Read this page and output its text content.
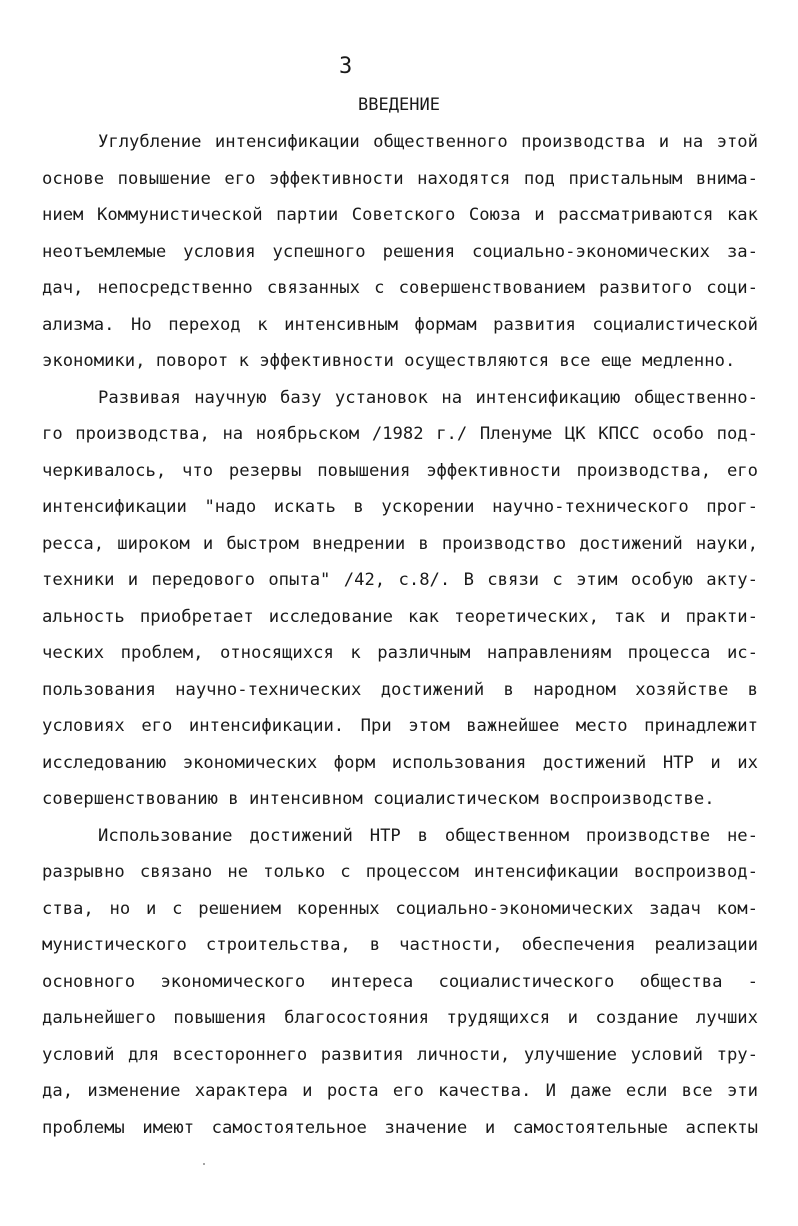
3
ВВЕДЕНИЕ
Углубление интенсификации общественного производства и на этой
основе повышение его эффективности находятся под пристальным внима-
нием Коммунистической партии Советского Союза и рассматриваются как
неотъемлемые условия успешного решения социально-экономических за-
дач, непосредственно связанных с совершенствованием развитого соци-
ализма. Но переход к интенсивным формам развития социалистической
экономики, поворот к эффективности осуществляются все еще медленно.
Развивая научную базу установок на интенсификацию общественно-
го производства, на ноябрьском /1982 г./ Пленуме ЦК КПСС особо под-
черкивалось, что резервы повышения эффективности производства, его
интенсификации "надо искать в ускорении научно-технического прог-
ресса, широком и быстром внедрении в производство достижений науки,
техники и передового опыта" /42, с.8/. В связи с этим особую акту-
альность приобретает исследование как теоретических, так и практи-
ческих проблем, относящихся к различным направлениям процесса ис-
пользования научно-технических достижений в народном хозяйстве в
условиях его интенсификации. При этом важнейшее место принадлежит
исследованию экономических форм использования достижений НТР и их
совершенствованию в интенсивном социалистическом воспроизводстве.
Использование достижений НТР в общественном производстве не-
разрывно связано не только с процессом интенсификации воспроизвод-
ства, но и с решением коренных социально-экономических задач ком-
мунистического строительства, в частности, обеспечения реализации
основного экономического интереса социалистического общества -
дальнейшего повышения благосостояния трудящихся и создание лучших
условий для всестороннего развития личности, улучшение условий тру-
да, изменение характера и роста его качества. И даже если все эти
проблемы имеют самостоятельное значение и самостоятельные аспекты
